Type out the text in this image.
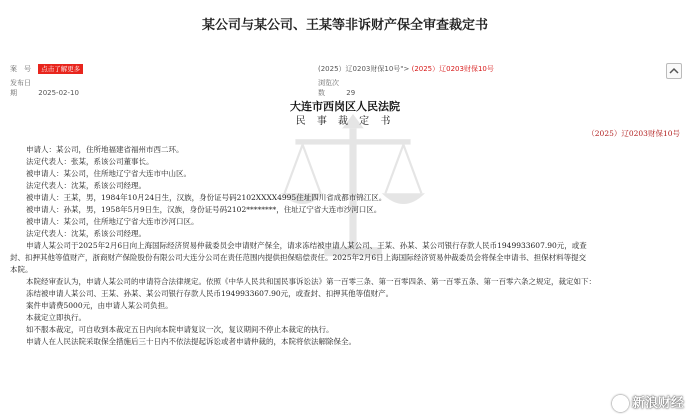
某公司与某公司、王某等非诉财产保全审查裁定书
案　号 点击了解更多	(2025）辽0203财保10号"> (2025）辽0203财保10号
发布日期	2025-02-10
浏览次数	29
大连市西岗区人民法院
民 事 裁 定 书
（2025）辽0203财保10号
申请人：某公司，住所地福建省福州市西二环。
法定代表人：张某，系该公司董事长。
被申请人：某公司，住所地辽宁省大连市中山区。
法定代表人：沈某，系该公司经理。
被申请人：王某，男，1984年10月24日生，汉族，身份证号码2102XXXX4995住址四川省成都市锦江区。
被申请人：孙某，男，1958年5月9日生，汉族，身份证号码2102********，住址辽宁省大连市沙河口区。
被申请人：某公司，住所地辽宁省大连市沙河口区。
法定代表人：沈某，系该公司经理。
申请人某公司于2025年2月6日向上海国际经济贸易仲裁委员会申请财产保全，请求冻结被申请人某公司、王某、孙某、某公司银行存款人民币1949933607.90元，或查
封、扣押其他等值财产，浙商财产保险股份有限公司大连分公司在责任范围内提供担保赔偿责任。2025年2月6日上海国际经济贸易仲裁委员会将保全申请书、担保材料等提交
本院。
本院经审查认为，申请人某公司的申请符合法律规定。依照《中华人民共和国民事诉讼法》第一百零三条、第一百零四条、第一百零五条、第一百零六条之规定，裁定如下：
冻结被申请人某公司、王某、孙某、某公司银行存款人民币1949933607.90元，或查封、扣押其他等值财产。
案件申请费5000元，由申请人某公司负担。
本裁定立即执行。
如不服本裁定，可自收到本裁定五日内向本院申请复议一次，复议期间不停止本裁定的执行。
申请人在人民法院采取保全措施后三十日内不依法提起诉讼或者申请仲裁的，本院将依法解除保全。
新浪财经
